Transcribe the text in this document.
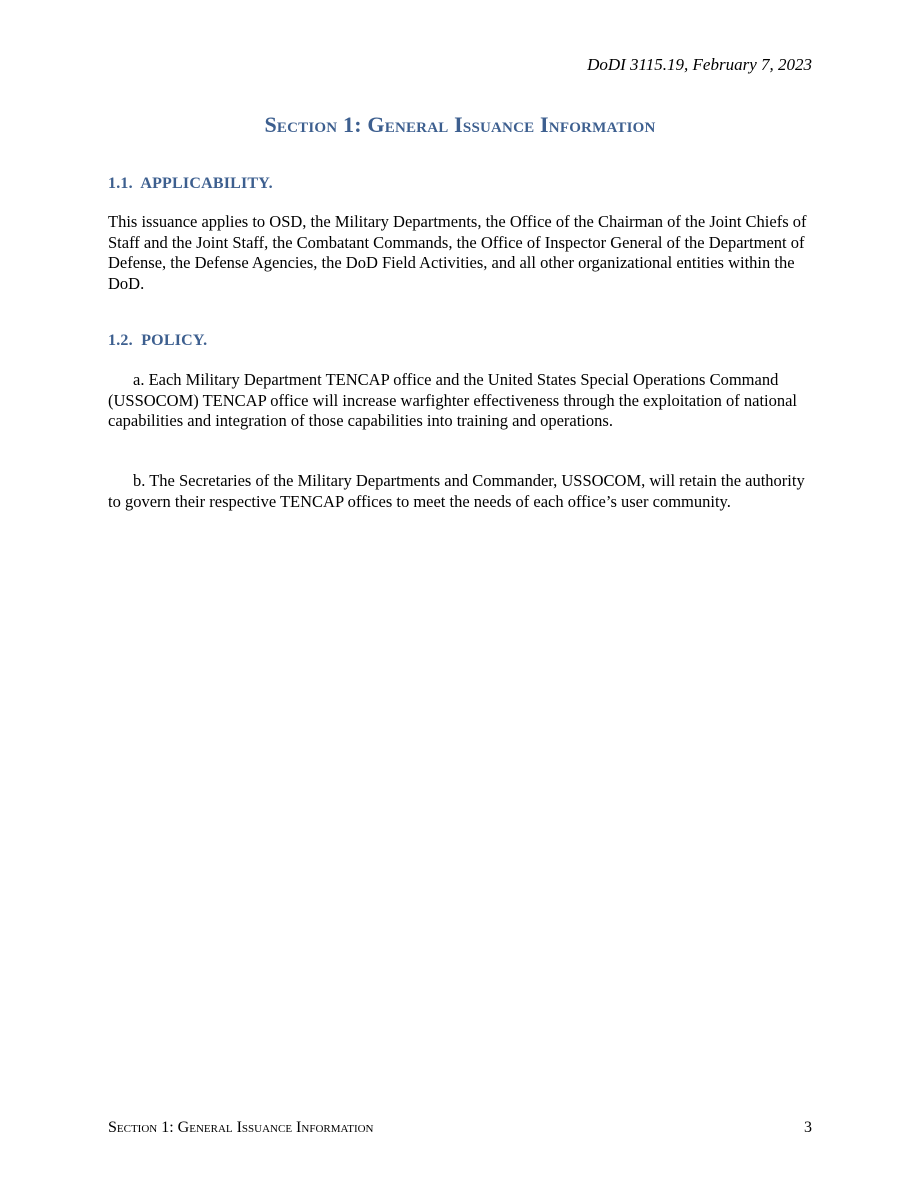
DoDI 3115.19, February 7, 2023
Section 1: General Issuance Information
1.1.  APPLICABILITY.
This issuance applies to OSD, the Military Departments, the Office of the Chairman of the Joint Chiefs of Staff and the Joint Staff, the Combatant Commands, the Office of Inspector General of the Department of Defense, the Defense Agencies, the DoD Field Activities, and all other organizational entities within the DoD.
1.2.  POLICY.
a. Each Military Department TENCAP office and the United States Special Operations Command (USSOCOM) TENCAP office will increase warfighter effectiveness through the exploitation of national capabilities and integration of those capabilities into training and operations.
b. The Secretaries of the Military Departments and Commander, USSOCOM, will retain the authority to govern their respective TENCAP offices to meet the needs of each office’s user community.
Section 1: General Issuance Information	3
